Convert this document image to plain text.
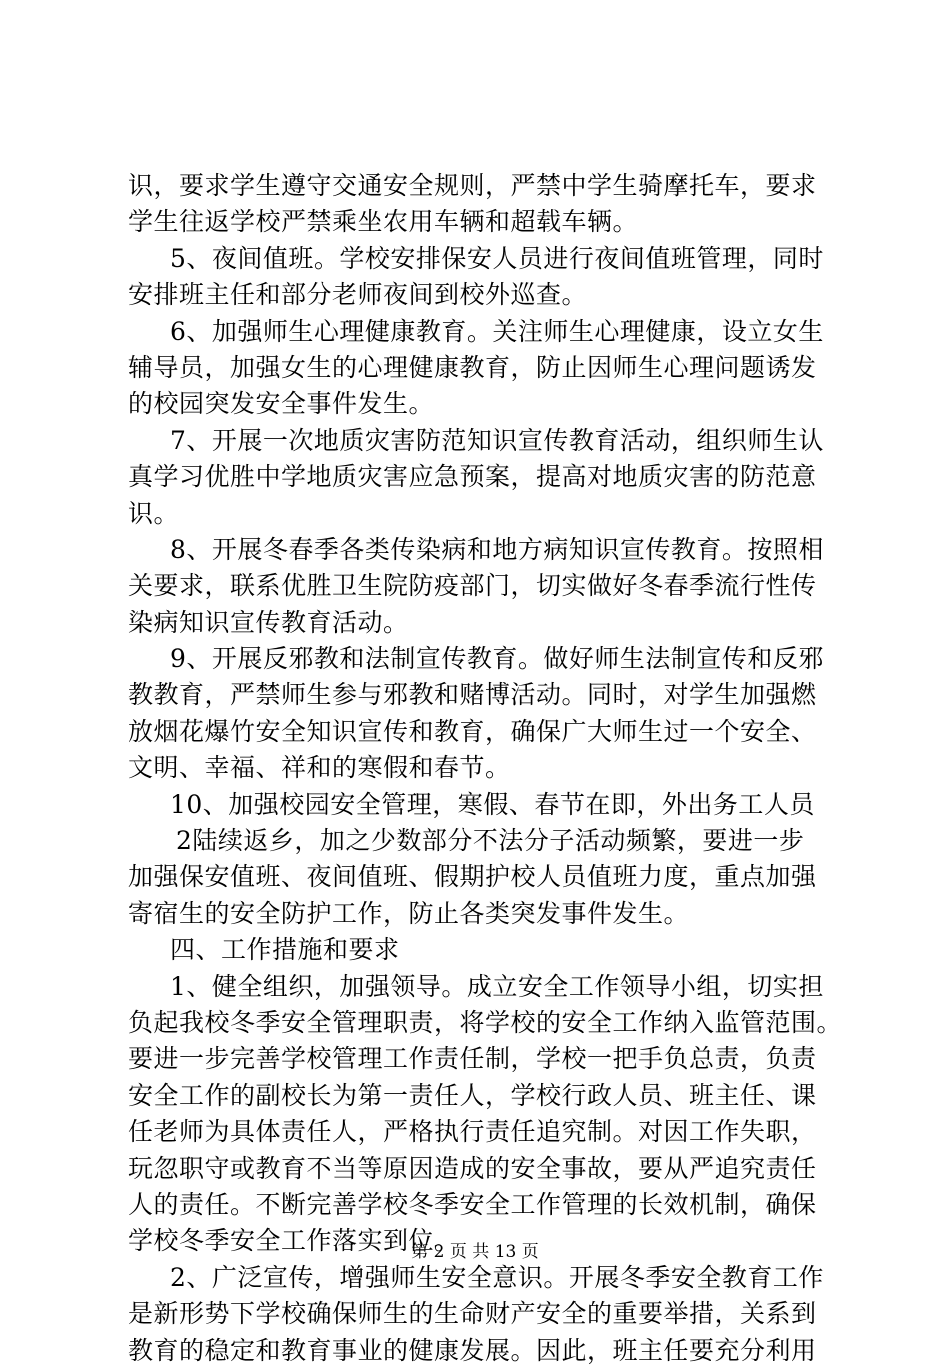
识，要求学生遵守交通安全规则，严禁中学生骑摩托车，要求
学生往返学校严禁乘坐农用车辆和超载车辆。
5、夜间值班。学校安排保安人员进行夜间值班管理，同时
安排班主任和部分老师夜间到校外巡查。
6、加强师生心理健康教育。关注师生心理健康，设立女生
辅导员，加强女生的心理健康教育，防止因师生心理问题诱发
的校园突发安全事件发生。
7、开展一次地质灾害防范知识宣传教育活动，组织师生认
真学习优胜中学地质灾害应急预案，提高对地质灾害的防范意
识。
8、开展冬春季各类传染病和地方病知识宣传教育。按照相
关要求，联系优胜卫生院防疫部门，切实做好冬春季流行性传
染病知识宣传教育活动。
9、开展反邪教和法制宣传教育。做好师生法制宣传和反邪
教教育，严禁师生参与邪教和赌博活动。同时，对学生加强燃
放烟花爆竹安全知识宣传和教育，确保广大师生过一个安全、
文明、幸福、祥和的寒假和春节。
10、加强校园安全管理，寒假、春节在即，外出务工人员
2陆续返乡，加之少数部分不法分子活动频繁，要进一步
加强保安值班、夜间值班、假期护校人员值班力度，重点加强
寄宿生的安全防护工作，防止各类突发事件发生。
四、工作措施和要求
1、健全组织，加强领导。成立安全工作领导小组，切实担
负起我校冬季安全管理职责，将学校的安全工作纳入监管范围。
要进一步完善学校管理工作责任制，学校一把手负总责，负责
安全工作的副校长为第一责任人，学校行政人员、班主任、课
任老师为具体责任人，严格执行责任追究制。对因工作失职，
玩忽职守或教育不当等原因造成的安全事故，要从严追究责任
人的责任。不断完善学校冬季安全工作管理的长效机制，确保
学校冬季安全工作落实到位。
2、广泛宣传，增强师生安全意识。开展冬季安全教育工作
是新形势下学校确保师生的生命财产安全的重要举措，关系到
教育的稳定和教育事业的健康发展。因此，班主任要充分利用
第 2 页 共 13 页
